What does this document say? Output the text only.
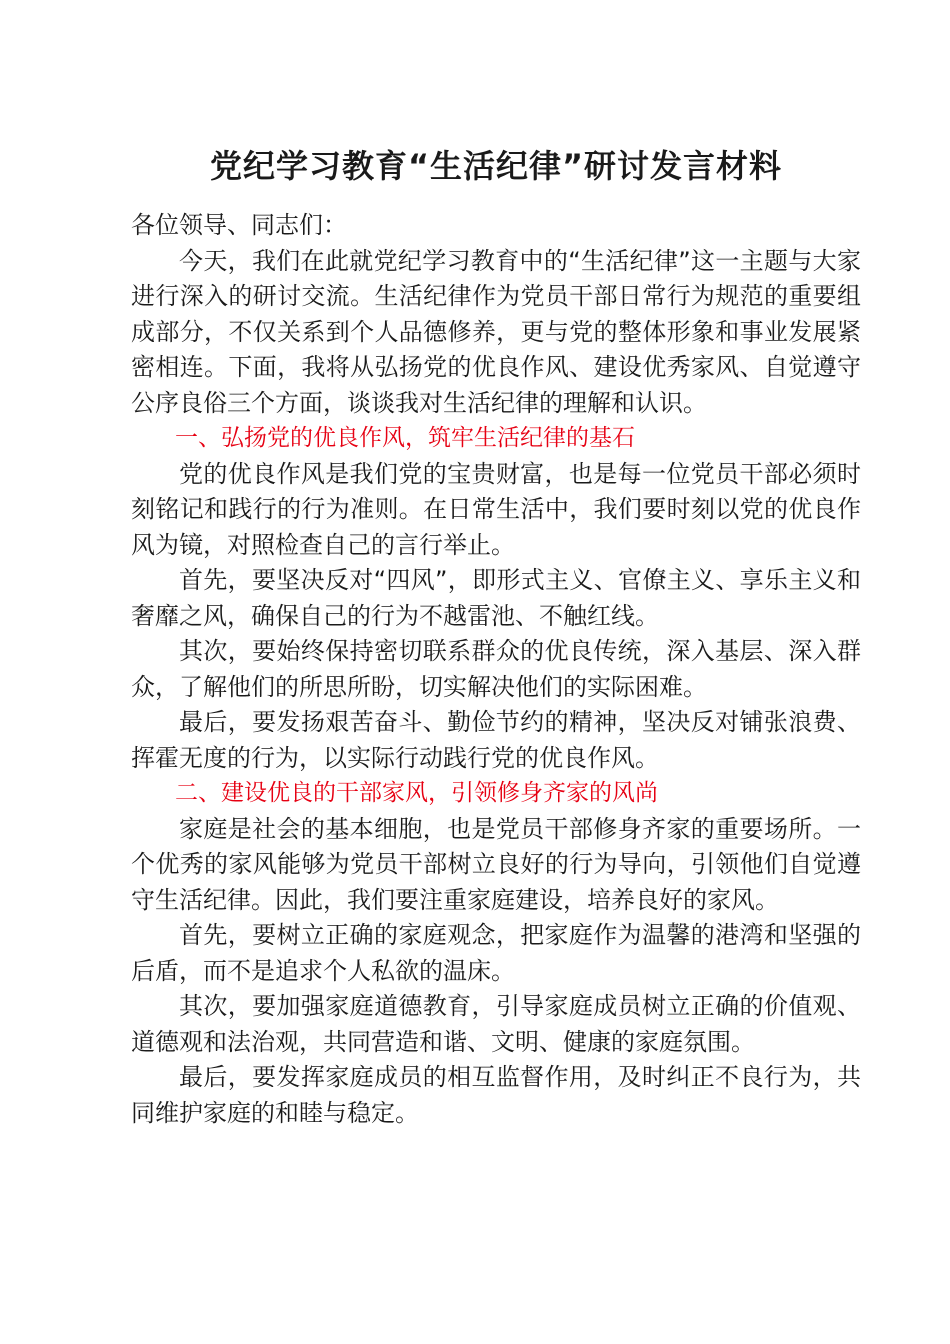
党纪学习教育“生活纪律”研讨发言材料

各位领导、同志们：

今天，我们在此就党纪学习教育中的“生活纪律”这一主题与大家进行深入的研讨交流。生活纪律作为党员干部日常行为规范的重要组成部分，不仅关系到个人品德修养，更与党的整体形象和事业发展紧密相连。下面，我将从弘扬党的优良作风、建设优秀家风、自觉遵守公序良俗三个方面，谈谈我对生活纪律的理解和认识。

一、弘扬党的优良作风，筑牢生活纪律的基石

党的优良作风是我们党的宝贵财富，也是每一位党员干部必须时刻铭记和践行的行为准则。在日常生活中，我们要时刻以党的优良作风为镜，对照检查自己的言行举止。

首先，要坚决反对“四风”，即形式主义、官僚主义、享乐主义和奢靡之风，确保自己的行为不越雷池、不触红线。

其次，要始终保持密切联系群众的优良传统，深入基层、深入群众，了解他们的所思所盼，切实解决他们的实际困难。

最后，要发扬艰苦奋斗、勤俭节约的精神，坚决反对铺张浪费、挥霍无度的行为，以实际行动践行党的优良作风。

二、建设优良的干部家风，引领修身齐家的风尚

家庭是社会的基本细胞，也是党员干部修身齐家的重要场所。一个优秀的家风能够为党员干部树立良好的行为导向，引领他们自觉遵守生活纪律。因此，我们要注重家庭建设，培养良好的家风。

首先，要树立正确的家庭观念，把家庭作为温馨的港湾和坚强的后盾，而不是追求个人私欲的温床。

其次，要加强家庭道德教育，引导家庭成员树立正确的价值观、道德观和法治观，共同营造和谐、文明、健康的家庭氛围。

最后，要发挥家庭成员的相互监督作用，及时纠正不良行为，共同维护家庭的和睦与稳定。
